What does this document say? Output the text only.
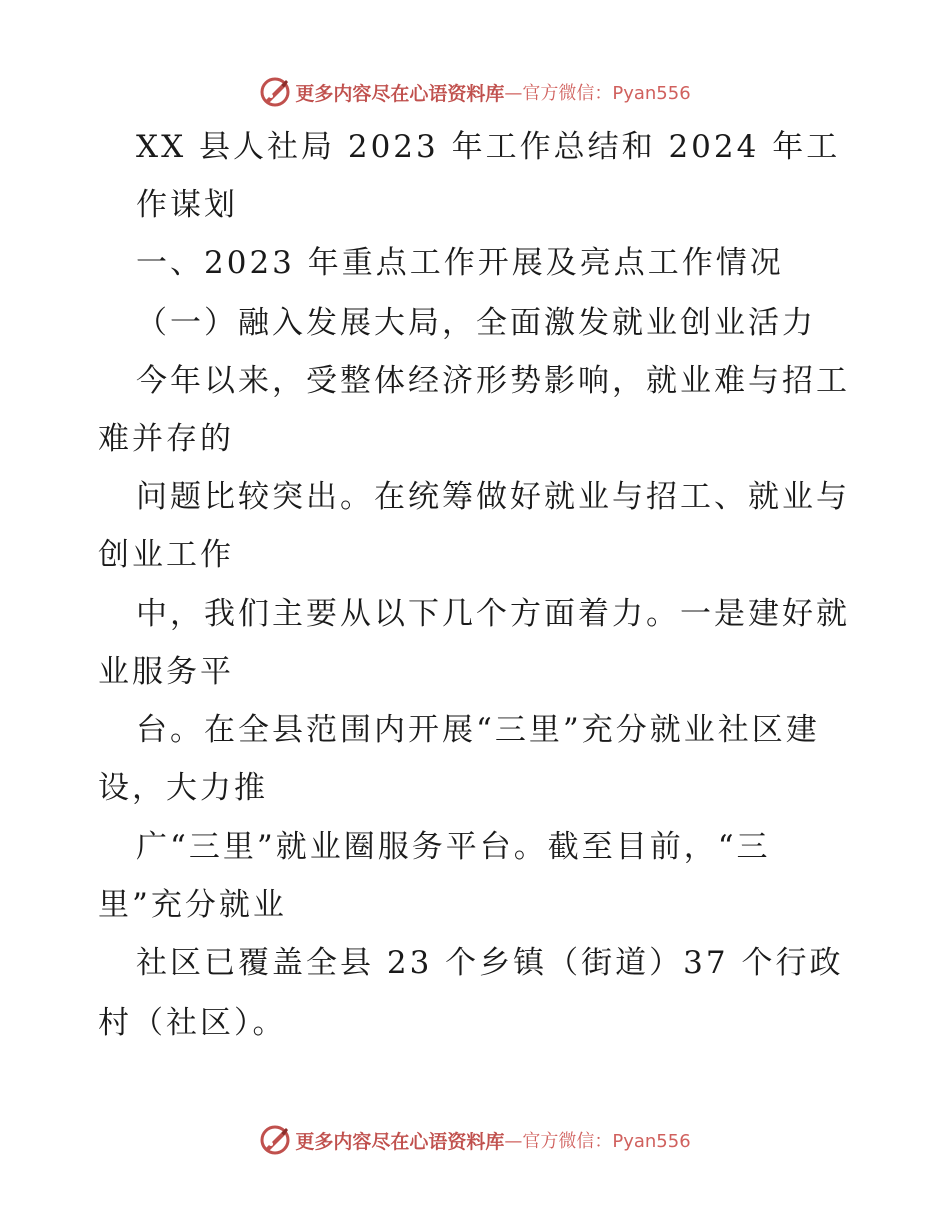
更多内容尽在心语资料库 —官方微信：Pyan556
XX 县人社局 2023 年工作总结和 2024 年工
作谋划
一、2023 年重点工作开展及亮点工作情况
（一）融入发展大局，全面激发就业创业活力
今年以来，受整体经济形势影响，就业难与招工
难并存的
问题比较突出。在统筹做好就业与招工、就业与
创业工作
中，我们主要从以下几个方面着力。一是建好就
业服务平
台。在全县范围内开展“三里”充分就业社区建
设，大力推
广“三里”就业圈服务平台。截至目前，“三
里”充分就业
社区已覆盖全县 23 个乡镇（街道）37 个行政
村（社区）。
更多内容尽在心语资料库 —官方微信：Pyan556
